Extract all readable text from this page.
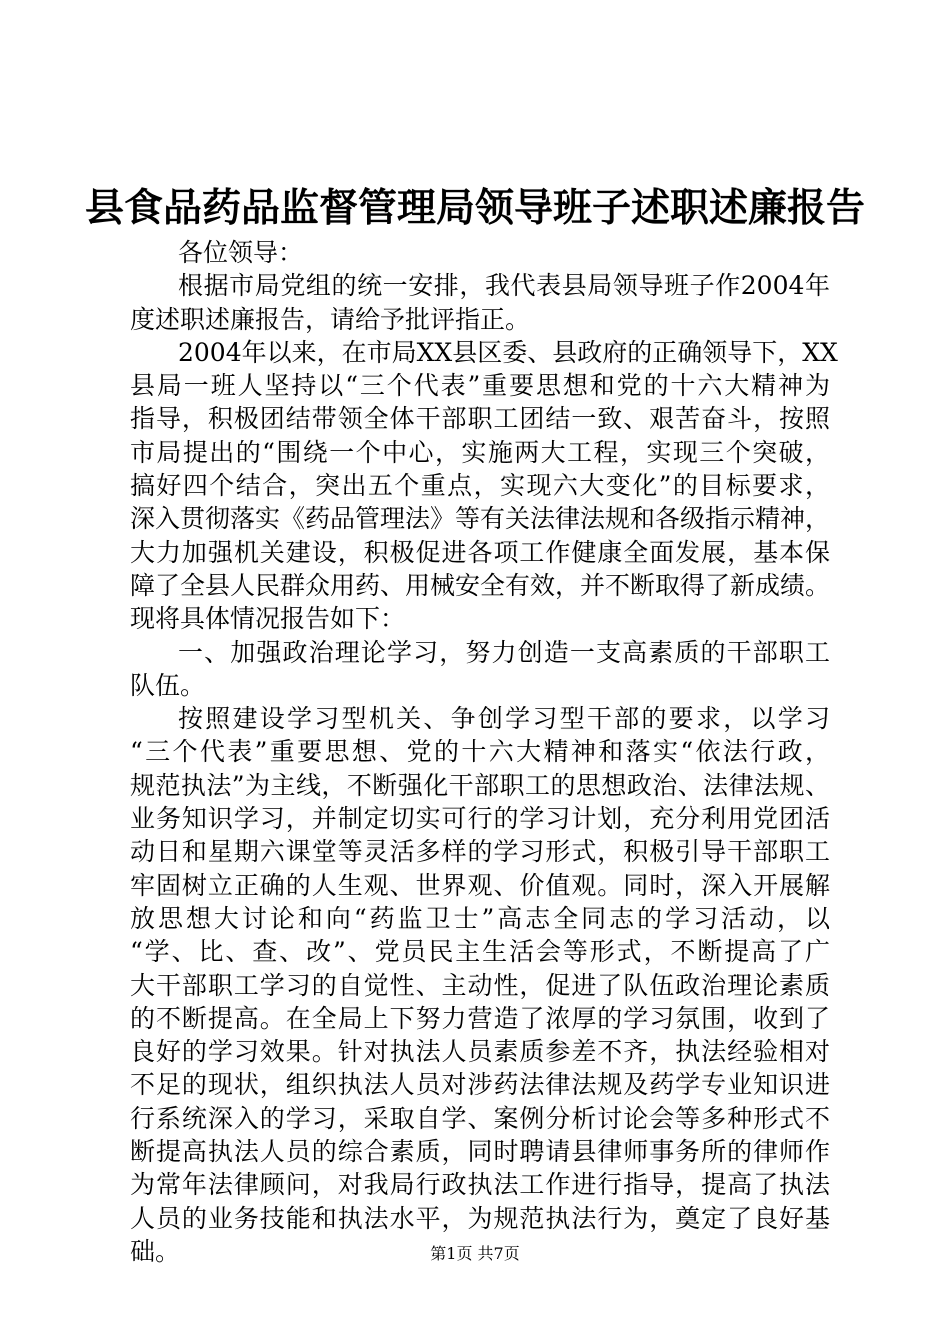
县食品药品监督管理局领导班子述职述廉报告
各位领导：
根据市局党组的统一安排，我代表县局领导班子作2004年
度述职述廉报告，请给予批评指正。
2004年以来，在市局XX县区委、县政府的正确领导下，XX
县局一班人坚持以“三个代表”重要思想和党的十六大精神为
指导，积极团结带领全体干部职工团结一致、艰苦奋斗，按照
市局提出的“围绕一个中心，实施两大工程，实现三个突破，
搞好四个结合，突出五个重点，实现六大变化”的目标要求，
深入贯彻落实《药品管理法》等有关法律法规和各级指示精神，
大力加强机关建设，积极促进各项工作健康全面发展，基本保
障了全县人民群众用药、用械安全有效，并不断取得了新成绩。
现将具体情况报告如下：
一、加强政治理论学习，努力创造一支高素质的干部职工
队伍。
按照建设学习型机关、争创学习型干部的要求，以学习
“三个代表”重要思想、党的十六大精神和落实“依法行政，
规范执法”为主线，不断强化干部职工的思想政治、法律法规、
业务知识学习，并制定切实可行的学习计划，充分利用党团活
动日和星期六课堂等灵活多样的学习形式，积极引导干部职工
牢固树立正确的人生观、世界观、价值观。同时，深入开展解
放思想大讨论和向“药监卫士”高志全同志的学习活动，以
“学、比、查、改”、党员民主生活会等形式，不断提高了广
大干部职工学习的自觉性、主动性，促进了队伍政治理论素质
的不断提高。在全局上下努力营造了浓厚的学习氛围，收到了
良好的学习效果。针对执法人员素质参差不齐，执法经验相对
不足的现状，组织执法人员对涉药法律法规及药学专业知识进
行系统深入的学习，采取自学、案例分析讨论会等多种形式不
断提高执法人员的综合素质，同时聘请县律师事务所的律师作
为常年法律顾问，对我局行政执法工作进行指导，提高了执法
人员的业务技能和执法水平，为规范执法行为，奠定了良好基
础。	第1页 共7页
